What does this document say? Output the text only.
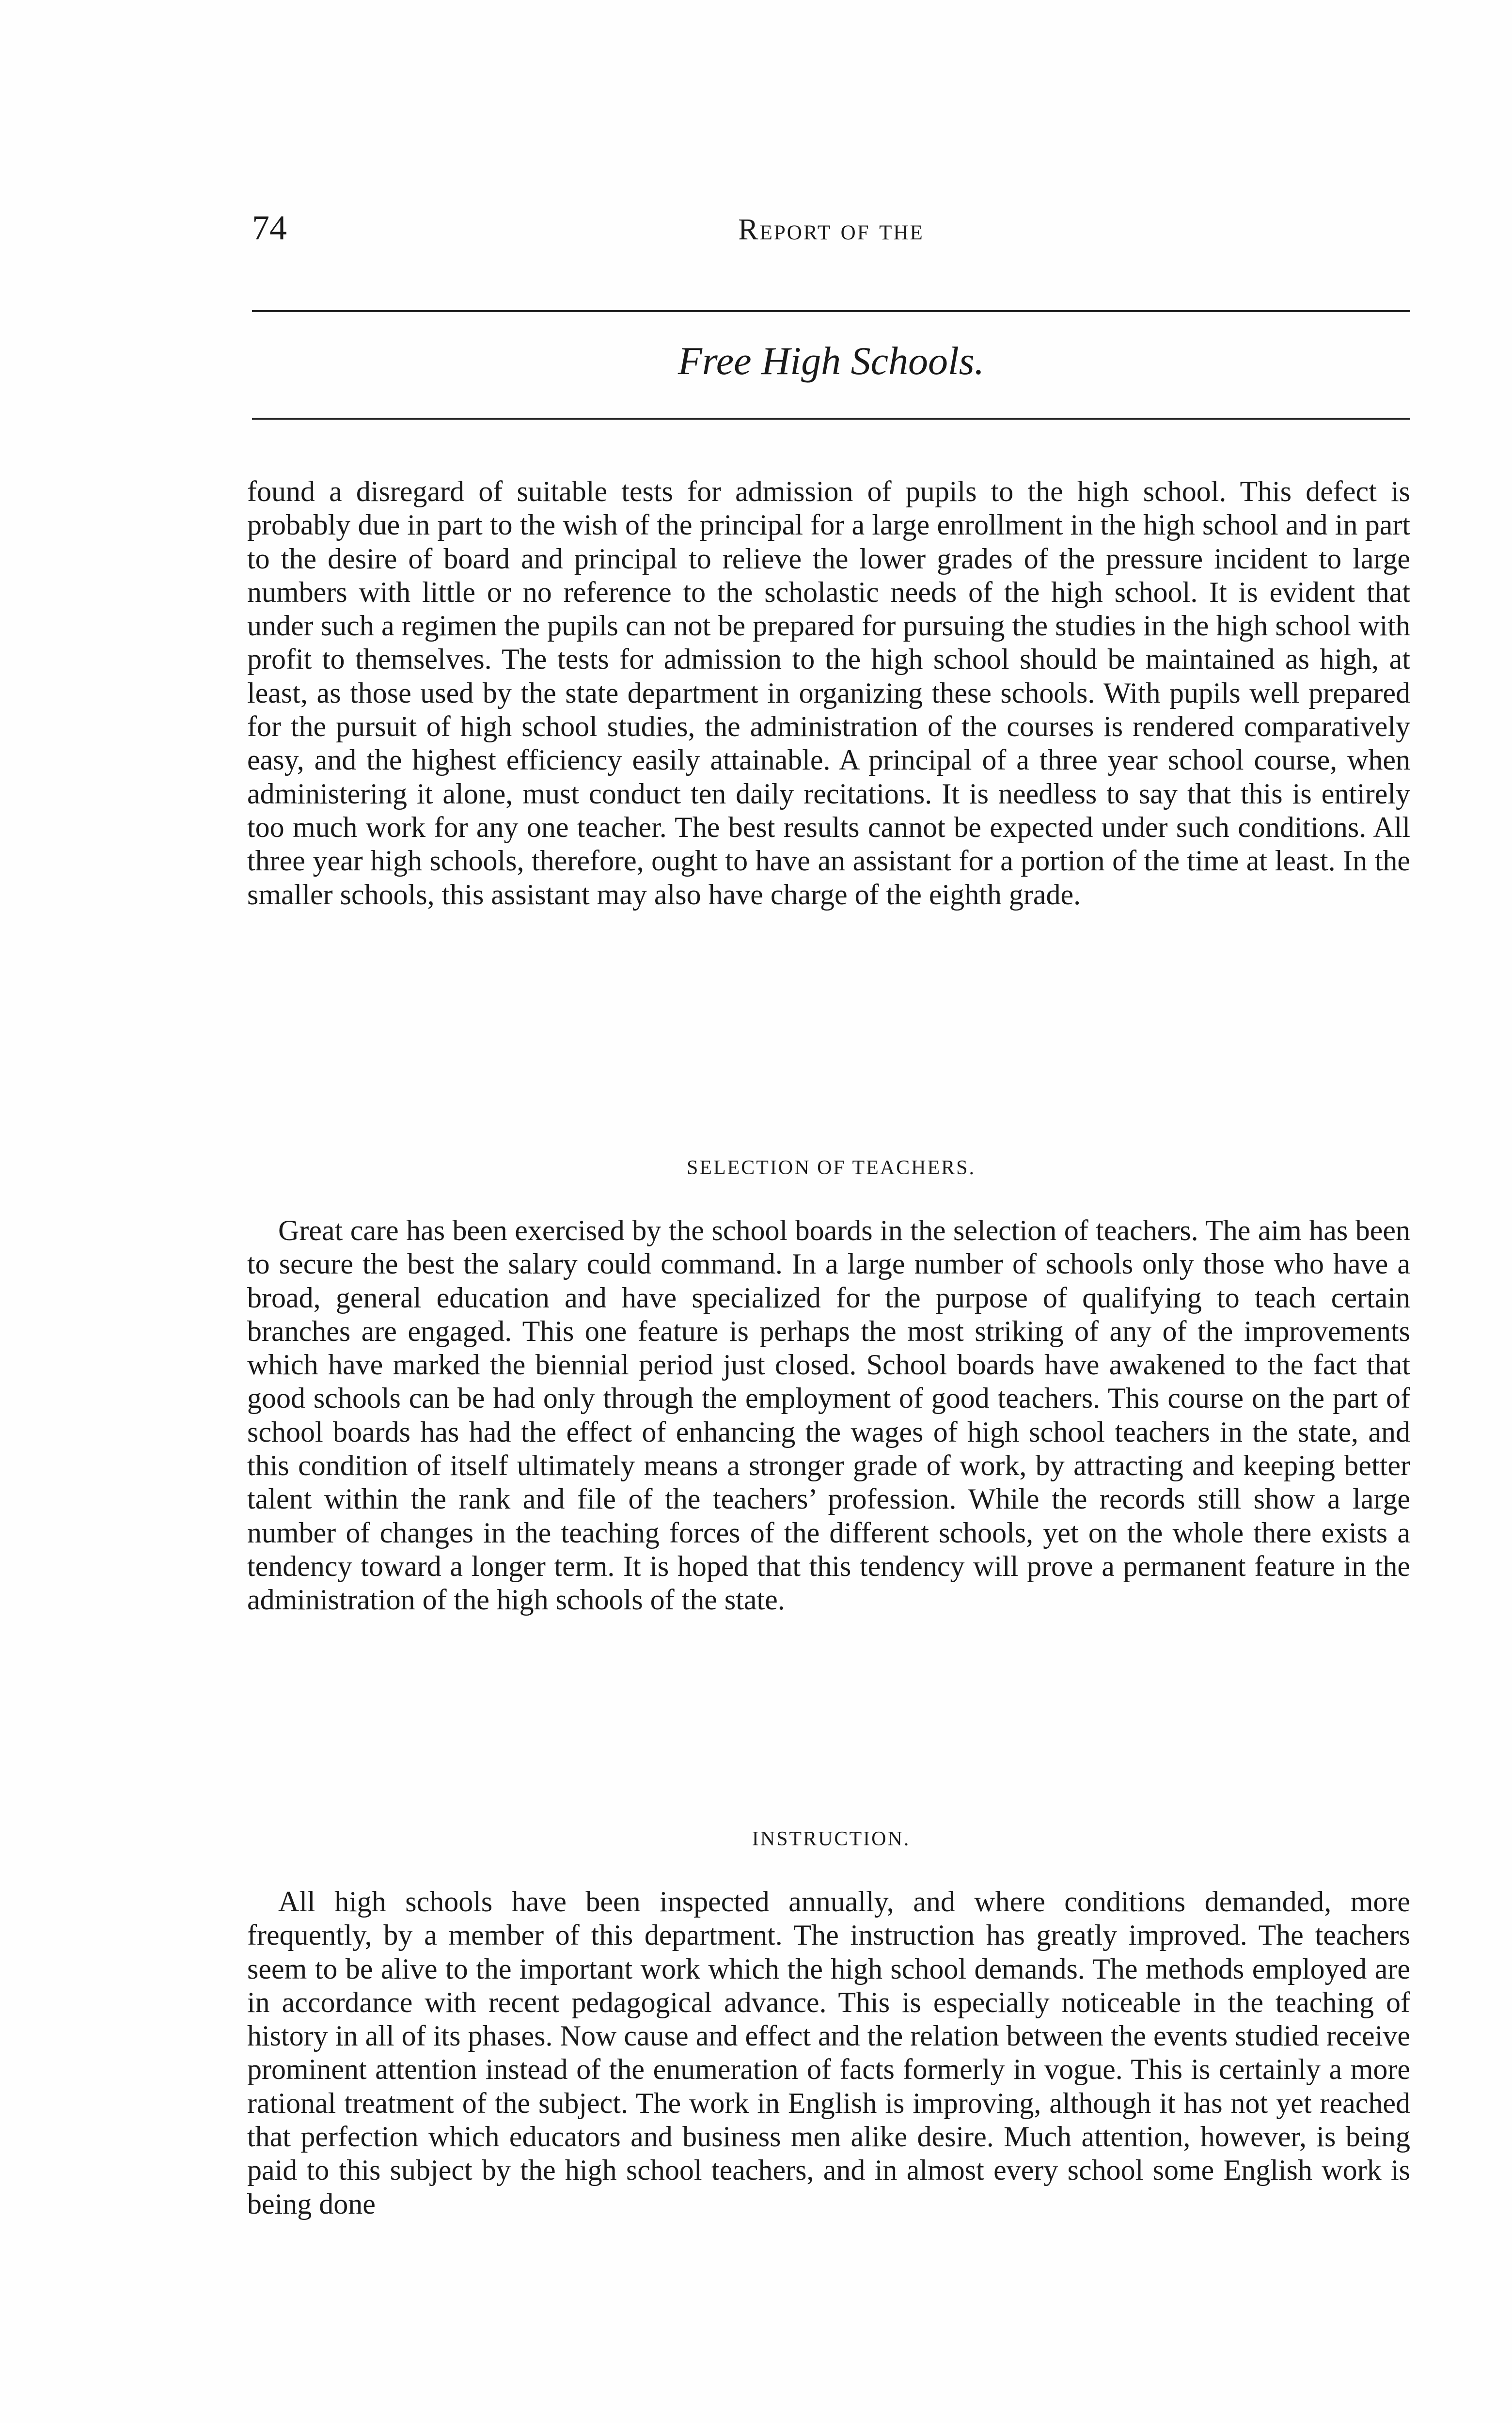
74	Report of the
Free High Schools.

found a disregard of suitable tests for admission of pupils to the high school. This defect is probably due in part to the wish of the principal for a large enrollment in the high school and in part to the desire of board and principal to relieve the lower grades of the pressure incident to large numbers with little or no reference to the scholastic needs of the high school. It is evident that under such a regimen the pupils can not be prepared for pursuing the studies in the high school with profit to themselves. The tests for admission to the high school should be maintained as high, at least, as those used by the state department in organizing these schools. With pupils well prepared for the pursuit of high school studies, the administration of the courses is rendered comparatively easy, and the highest efficiency easily attainable. A principal of a three year school course, when administering it alone, must conduct ten daily recitations. It is needless to say that this is entirely too much work for any one teacher. The best results cannot be expected under such conditions. All three year high schools, therefore, ought to have an assistant for a portion of the time at least. In the smaller schools, this assistant may also have charge of the eighth grade.

SELECTION OF TEACHERS.

Great care has been exercised by the school boards in the selection of teachers. The aim has been to secure the best the salary could command. In a large number of schools only those who have a broad, general education and have specialized for the purpose of qualifying to teach certain branches are engaged. This one feature is perhaps the most striking of any of the improvements which have marked the biennial period just closed. School boards have awakened to the fact that good schools can be had only through the employment of good teachers. This course on the part of school boards has had the effect of enhancing the wages of high school teachers in the state, and this condition of itself ultimately means a stronger grade of work, by attracting and keeping better talent within the rank and file of the teachers’ profession. While the records still show a large number of changes in the teaching forces of the different schools, yet on the whole there exists a tendency toward a longer term. It is hoped that this tendency will prove a permanent feature in the administration of the high schools of the state.

INSTRUCTION.

All high schools have been inspected annually, and where conditions demanded, more frequently, by a member of this department. The instruction has greatly improved. The teachers seem to be alive to the important work which the high school demands. The methods employed are in accordance with recent pedagogical advance. This is especially noticeable in the teaching of history in all of its phases. Now cause and effect and the relation between the events studied receive prominent attention instead of the enumeration of facts formerly in vogue. This is certainly a more rational treatment of the subject. The work in English is improving, although it has not yet reached that perfection which educators and business men alike desire. Much attention, however, is being paid to this subject by the high school teachers, and in almost every school some English work is being done
